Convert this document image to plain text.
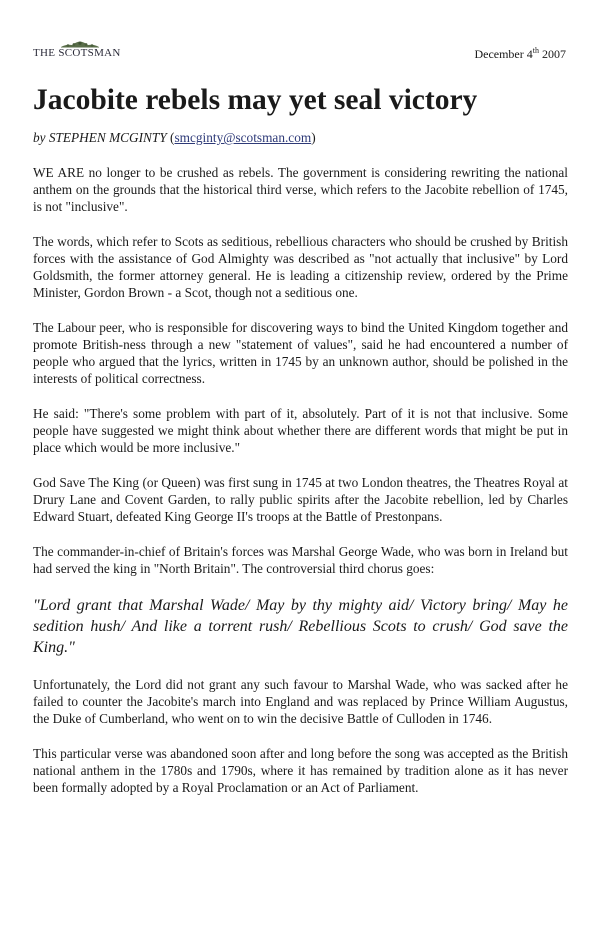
THE SCOTSMAN	December 4th 2007
Jacobite rebels may yet seal victory
by STEPHEN MCGINTY (smcginty@scotsman.com)

WE ARE no longer to be crushed as rebels. The government is considering rewriting the national anthem on the grounds that the historical third verse, which refers to the Jacobite rebellion of 1745, is not "inclusive".

The words, which refer to Scots as seditious, rebellious characters who should be crushed by British forces with the assistance of God Almighty was described as "not actually that inclusive" by Lord Goldsmith, the former attorney general. He is leading a citizenship review, ordered by the Prime Minister, Gordon Brown - a Scot, though not a seditious one.

The Labour peer, who is responsible for discovering ways to bind the United Kingdom together and promote British-ness through a new "statement of values", said he had encountered a number of people who argued that the lyrics, written in 1745 by an unknown author, should be polished in the interests of political correctness.

He said: "There's some problem with part of it, absolutely. Part of it is not that inclusive. Some people have suggested we might think about whether there are different words that might be put in place which would be more inclusive."

God Save The King (or Queen) was first sung in 1745 at two London theatres, the Theatres Royal at Drury Lane and Covent Garden, to rally public spirits after the Jacobite rebellion, led by Charles Edward Stuart, defeated King George II's troops at the Battle of Prestonpans.

The commander-in-chief of Britain's forces was Marshal George Wade, who was born in Ireland but had served the king in "North Britain". The controversial third chorus goes:

"Lord grant that Marshal Wade/ May by thy mighty aid/ Victory bring/ May he sedition hush/ And like a torrent rush/ Rebellious Scots to crush/ God save the King."

Unfortunately, the Lord did not grant any such favour to Marshal Wade, who was sacked after he failed to counter the Jacobite's march into England and was replaced by Prince William Augustus, the Duke of Cumberland, who went on to win the decisive Battle of Culloden in 1746.

This particular verse was abandoned soon after and long before the song was accepted as the British national anthem in the 1780s and 1790s, where it has remained by tradition alone as it has never been formally adopted by a Royal Proclamation or an Act of Parliament.
